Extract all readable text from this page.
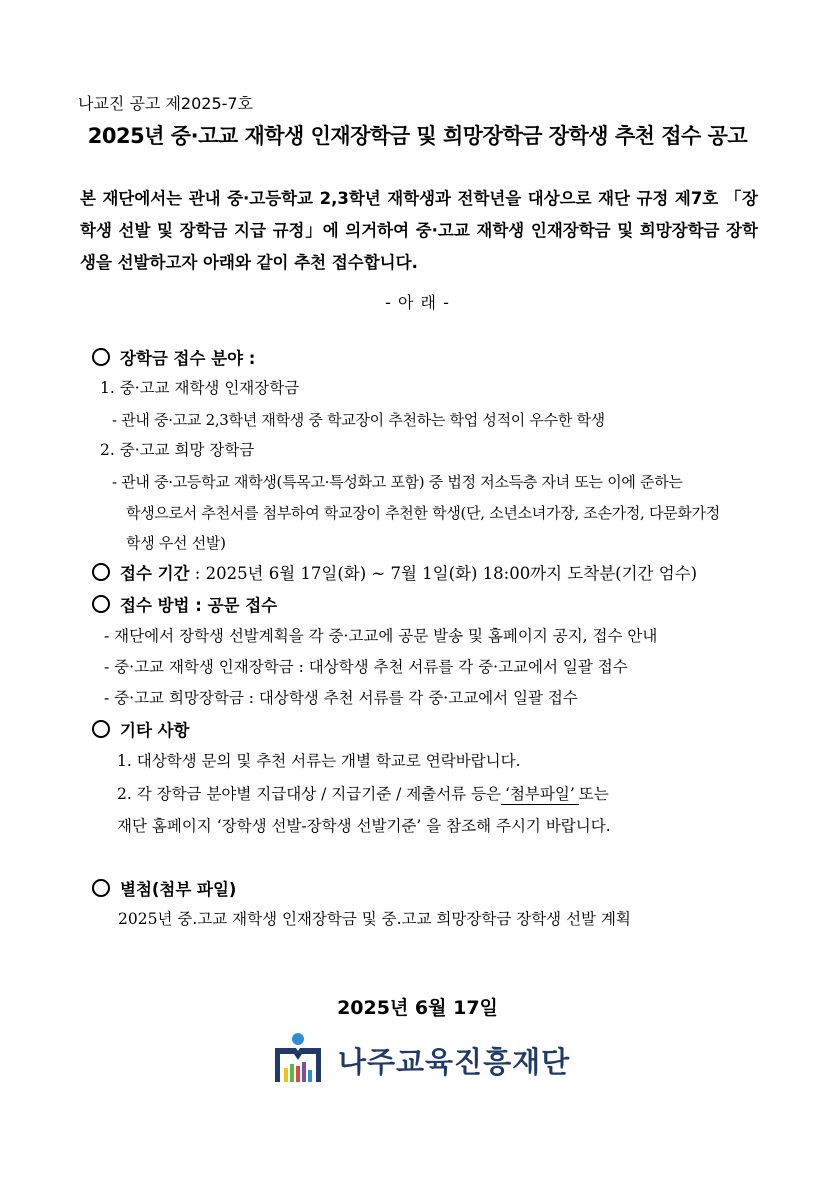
나교진 공고 제2025-7호
2025년 중·고교 재학생 인재장학금 및 희망장학금 장학생 추천 접수 공고
본 재단에서는 관내 중·고등학교 2,3학년 재학생과 전학년을 대상으로 재단 규정 제7호 「장학생 선발 및 장학금 지급 규정」에 의거하여 중·고교 재학생 인재장학금 및 희망장학금 장학생을 선발하고자 아래와 같이 추천 접수합니다.
- 아 래 -
장학금 접수 분야 :
1. 중·고교 재학생 인재장학금
- 관내 중·고교 2,3학년 재학생 중 학교장이 추천하는 학업 성적이 우수한 학생
2. 중·고교 희망 장학금
- 관내 중·고등학교 재학생(특목고·특성화고 포함) 중 법정 저소득층 자녀 또는 이에 준하는
학생으로서 추천서를 첨부하여 학교장이 추천한 학생(단, 소년소녀가장, 조손가정, 다문화가정
학생 우선 선발)
접수 기간 : 2025년 6월 17일(화) ~ 7월 1일(화) 18:00까지 도착분(기간 엄수)
접수 방법 : 공문 접수
- 재단에서 장학생 선발계획을 각 중·고교에 공문 발송 및 홈페이지 공지, 접수 안내
- 중·고교 재학생 인재장학금 : 대상학생 추천 서류를 각 중·고교에서 일괄 접수
- 중·고교 희망장학금 : 대상학생 추천 서류를 각 중·고교에서 일괄 접수
기타 사항
1. 대상학생 문의 및 추천 서류는 개별 학교로 연락바랍니다.
2. 각 장학금 분야별 지급대상 / 지급기준 / 제출서류 등은 ‘첨부파일’ 또는
재단 홈페이지 ‘장학생 선발-장학생 선발기준’ 을 참조해 주시기 바랍니다.
별첨(첨부 파일)
2025년 중.고교 재학생 인재장학금 및 중.고교 희망장학금 장학생 선발 계획
2025년 6월 17일
나주교육진흥재단
